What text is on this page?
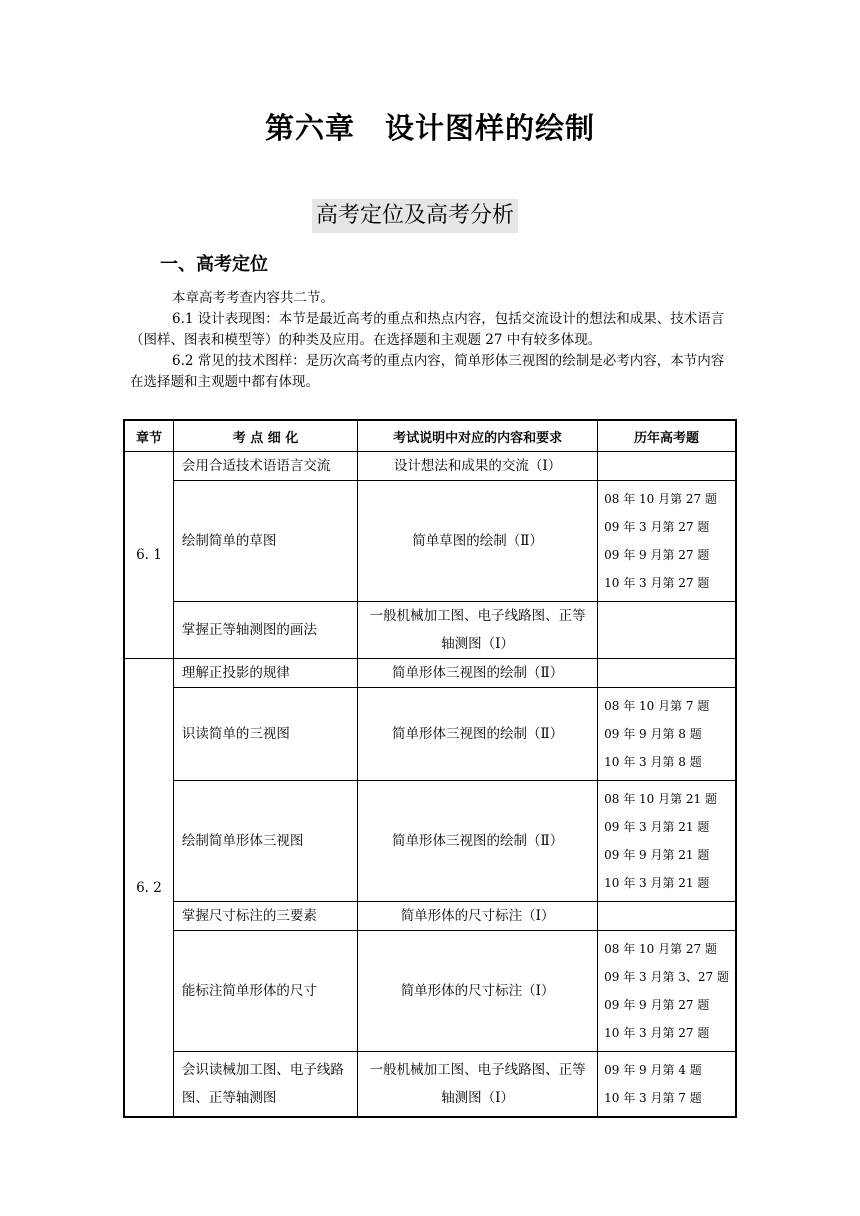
第六章　设计图样的绘制
高考定位及高考分析
一、高考定位
本章高考考查内容共二节。
6.1 设计表现图：本节是最近高考的重点和热点内容，包括交流设计的想法和成果、技术语言（图样、图表和模型等）的种类及应用。在选择题和主观题 27 中有较多体现。
6.2 常见的技术图样：是历次高考的重点内容，简单形体三视图的绘制是必考内容，本节内容在选择题和主观题中都有体现。
章节	考 点 细 化	考试说明中对应的内容和要求	历年高考题
6. 1	会用合适技术语语言交流	设计想法和成果的交流（Ⅰ）	

	绘制简单的草图	简单草图的绘制（Ⅱ）	08 年 10 月第 27 题
09 年 3 月第 27 题
09 年 9 月第 27 题
10 年 3 月第 27 题

	掌握正等轴测图的画法	一般机械加工图、电子线路图、正等轴测图（Ⅰ）	
6. 2	理解正投影的规律	简单形体三视图的绘制（Ⅱ）	

	识读简单的三视图	简单形体三视图的绘制（Ⅱ）	08 年 10 月第 7 题
09 年 9 月第 8 题
10 年 3 月第 8 题

	绘制简单形体三视图	简单形体三视图的绘制（Ⅱ）	08 年 10 月第 21 题
09 年 3 月第 21 题
09 年 9 月第 21 题
10 年 3 月第 21 题

	掌握尺寸标注的三要素	简单形体的尺寸标注（Ⅰ）	

	能标注简单形体的尺寸	简单形体的尺寸标注（Ⅰ）	08 年 10 月第 27 题
09 年 3 月第 3、27 题
09 年 9 月第 27 题
10 年 3 月第 27 题

	会识读械加工图、电子线路图、正等轴测图	一般机械加工图、电子线路图、正等轴测图（Ⅰ）	09 年 9 月第 4 题
10 年 3 月第 7 题
